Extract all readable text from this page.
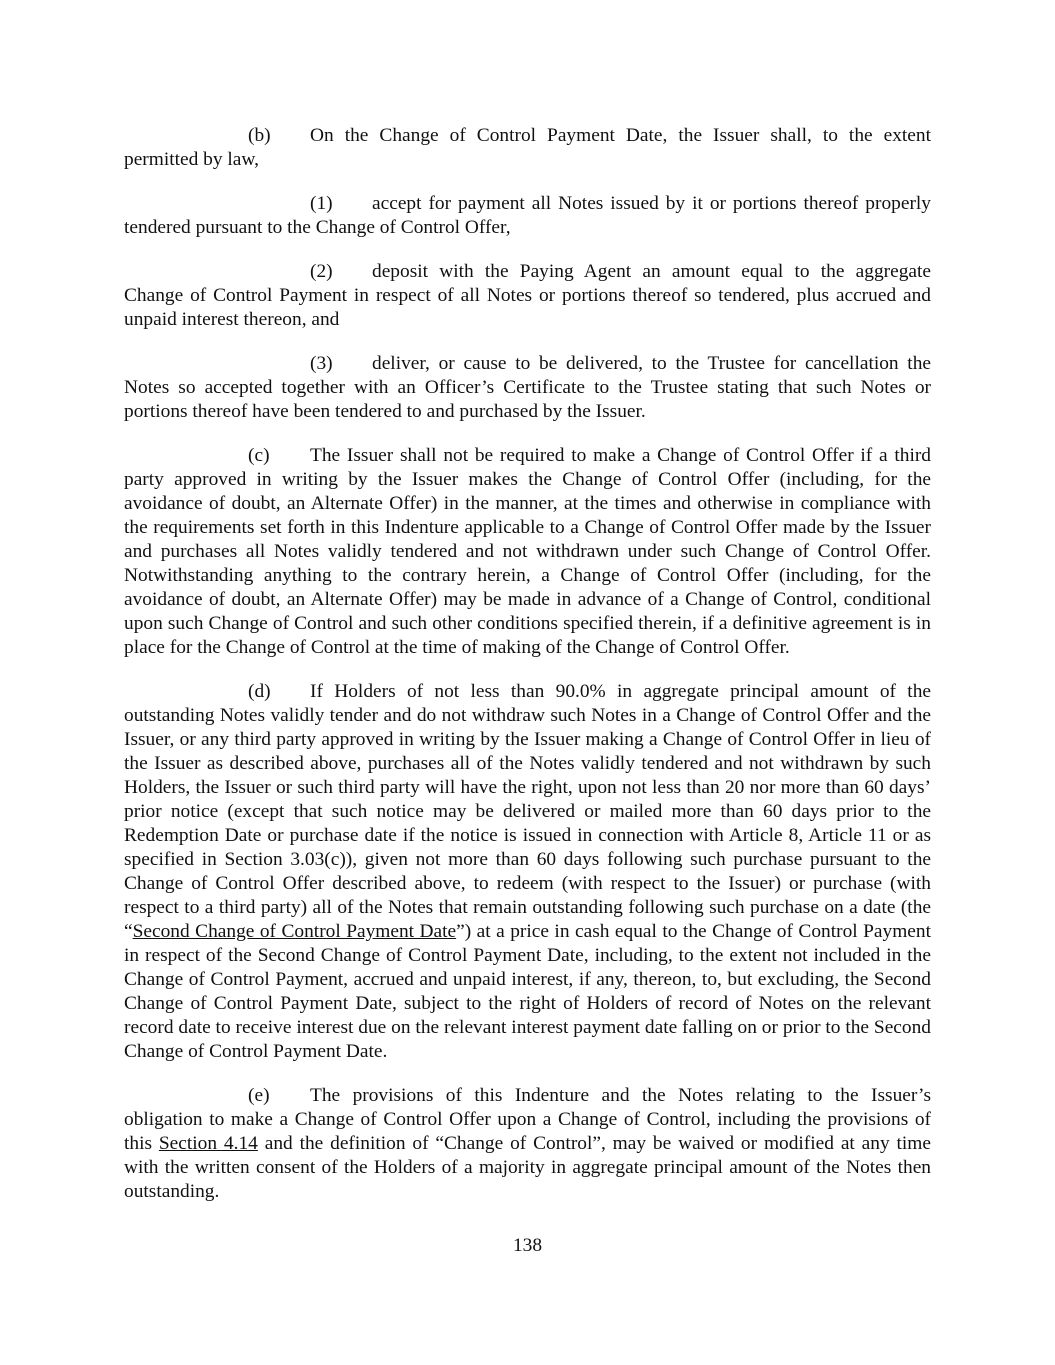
(b) On the Change of Control Payment Date, the Issuer shall, to the extent permitted by law,

(1) accept for payment all Notes issued by it or portions thereof properly tendered pursuant to the Change of Control Offer,

(2) deposit with the Paying Agent an amount equal to the aggregate Change of Control Payment in respect of all Notes or portions thereof so tendered, plus accrued and unpaid interest thereon, and

(3) deliver, or cause to be delivered, to the Trustee for cancellation the Notes so accepted together with an Officer’s Certificate to the Trustee stating that such Notes or portions thereof have been tendered to and purchased by the Issuer.

(c) The Issuer shall not be required to make a Change of Control Offer if a third party approved in writing by the Issuer makes the Change of Control Offer (including, for the avoidance of doubt, an Alternate Offer) in the manner, at the times and otherwise in compliance with the requirements set forth in this Indenture applicable to a Change of Control Offer made by the Issuer and purchases all Notes validly tendered and not withdrawn under such Change of Control Offer. Notwithstanding anything to the contrary herein, a Change of Control Offer (including, for the avoidance of doubt, an Alternate Offer) may be made in advance of a Change of Control, conditional upon such Change of Control and such other conditions specified therein, if a definitive agreement is in place for the Change of Control at the time of making of the Change of Control Offer.

(d) If Holders of not less than 90.0% in aggregate principal amount of the outstanding Notes validly tender and do not withdraw such Notes in a Change of Control Offer and the Issuer, or any third party approved in writing by the Issuer making a Change of Control Offer in lieu of the Issuer as described above, purchases all of the Notes validly tendered and not withdrawn by such Holders, the Issuer or such third party will have the right, upon not less than 20 nor more than 60 days’ prior notice (except that such notice may be delivered or mailed more than 60 days prior to the Redemption Date or purchase date if the notice is issued in connection with Article 8, Article 11 or as specified in Section 3.03(c)), given not more than 60 days following such purchase pursuant to the Change of Control Offer described above, to redeem (with respect to the Issuer) or purchase (with respect to a third party) all of the Notes that remain outstanding following such purchase on a date (the “Second Change of Control Payment Date”) at a price in cash equal to the Change of Control Payment in respect of the Second Change of Control Payment Date, including, to the extent not included in the Change of Control Payment, accrued and unpaid interest, if any, thereon, to, but excluding, the Second Change of Control Payment Date, subject to the right of Holders of record of Notes on the relevant record date to receive interest due on the relevant interest payment date falling on or prior to the Second Change of Control Payment Date.

(e) The provisions of this Indenture and the Notes relating to the Issuer’s obligation to make a Change of Control Offer upon a Change of Control, including the provisions of this Section 4.14 and the definition of “Change of Control”, may be waived or modified at any time with the written consent of the Holders of a majority in aggregate principal amount of the Notes then outstanding.

138
